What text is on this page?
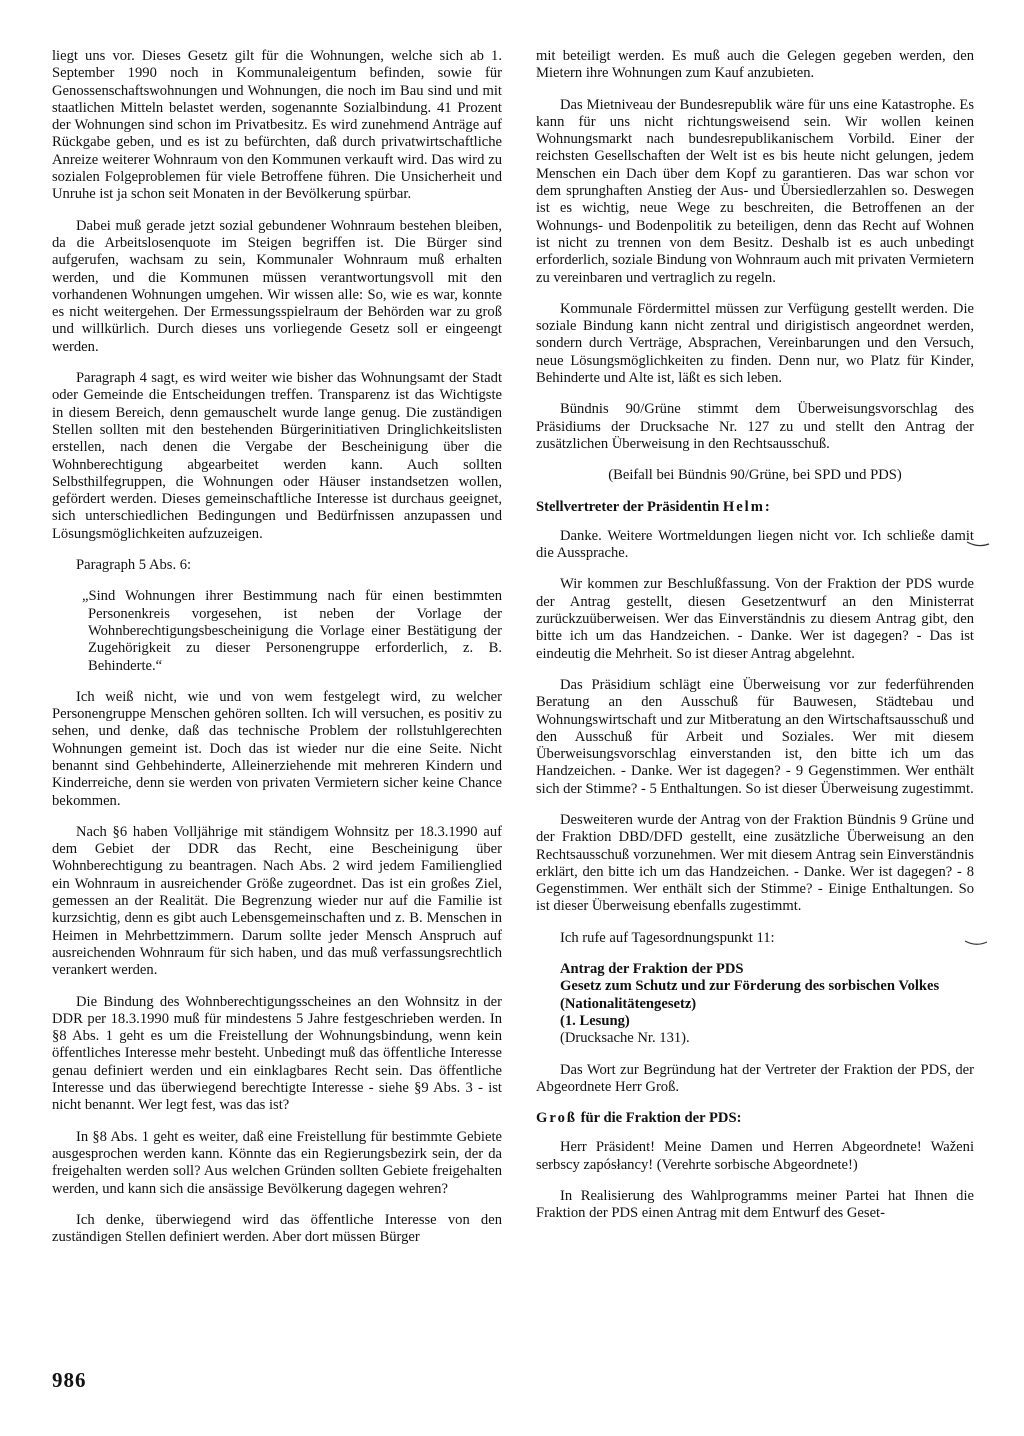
liegt uns vor. Dieses Gesetz gilt für die Wohnungen, welche sich ab 1. September 1990 noch in Kommunaleigentum befinden, sowie für Genossenschaftswohnungen und Wohnungen, die noch im Bau sind und mit staatlichen Mitteln belastet werden, sogenannte Sozialbindung. 41 Prozent der Wohnungen sind schon im Privatbesitz. Es wird zunehmend Anträge auf Rückgabe geben, und es ist zu befürchten, daß durch privatwirtschaftliche Anreize weiterer Wohnraum von den Kommunen verkauft wird. Das wird zu sozialen Folgeproblemen für viele Betroffene führen. Die Unsicherheit und Unruhe ist ja schon seit Monaten in der Bevölkerung spürbar.

Dabei muß gerade jetzt sozial gebundener Wohnraum bestehen bleiben, da die Arbeitslosenquote im Steigen begriffen ist. Die Bürger sind aufgerufen, wachsam zu sein, Kommunaler Wohnraum muß erhalten werden, und die Kommunen müssen verantwortungsvoll mit den vorhandenen Wohnungen umgehen. Wir wissen alle: So, wie es war, konnte es nicht weitergehen. Der Ermessungsspielraum der Behörden war zu groß und willkürlich. Durch dieses uns vorliegende Gesetz soll er eingeengt werden.

Paragraph 4 sagt, es wird weiter wie bisher das Wohnungsamt der Stadt oder Gemeinde die Entscheidungen treffen. Transparenz ist das Wichtigste in diesem Bereich, denn gemauschelt wurde lange genug. Die zuständigen Stellen sollten mit den bestehenden Bürgerinitiativen Dringlichkeitslisten erstellen, nach denen die Vergabe der Bescheinigung über die Wohnberechtigung abgearbeitet werden kann. Auch sollten Selbsthilfegruppen, die Wohnungen oder Häuser instandsetzen wollen, gefördert werden. Dieses gemeinschaftliche Interesse ist durchaus geeignet, sich unterschiedlichen Bedingungen und Bedürfnissen anzupassen und Lösungsmöglichkeiten aufzuzeigen.

Paragraph 5 Abs. 6:

„Sind Wohnungen ihrer Bestimmung nach für einen bestimmten Personenkreis vorgesehen, ist neben der Vorlage der Wohnberechtigungsbescheinigung die Vorlage einer Bestätigung der Zugehörigkeit zu dieser Personengruppe erforderlich, z. B. Behinderte.“

Ich weiß nicht, wie und von wem festgelegt wird, zu welcher Personengruppe Menschen gehören sollten. Ich will versuchen, es positiv zu sehen, und denke, daß das technische Problem der rollstuhlgerechten Wohnungen gemeint ist. Doch das ist wieder nur die eine Seite. Nicht benannt sind Gehbehinderte, Alleinerziehende mit mehreren Kindern und Kinderreiche, denn sie werden von privaten Vermietern sicher keine Chance bekommen.

Nach §6 haben Volljährige mit ständigem Wohnsitz per 18.3.1990 auf dem Gebiet der DDR das Recht, eine Bescheinigung über Wohnberechtigung zu beantragen. Nach Abs. 2 wird jedem Familienglied ein Wohnraum in ausreichender Größe zugeordnet. Das ist ein großes Ziel, gemessen an der Realität. Die Begrenzung wieder nur auf die Familie ist kurzsichtig, denn es gibt auch Lebensgemeinschaften und z. B. Menschen in Heimen in Mehrbettzimmern. Darum sollte jeder Mensch Anspruch auf ausreichenden Wohnraum für sich haben, und das muß verfassungsrechtlich verankert werden.

Die Bindung des Wohnberechtigungsscheines an den Wohnsitz in der DDR per 18.3.1990 muß für mindestens 5 Jahre festgeschrieben werden. In §8 Abs. 1 geht es um die Freistellung der Wohnungsbindung, wenn kein öffentliches Interesse mehr besteht. Unbedingt muß das öffentliche Interesse genau definiert werden und ein einklagbares Recht sein. Das öffentliche Interesse und das überwiegend berechtigte Interesse - siehe §9 Abs. 3 - ist nicht benannt. Wer legt fest, was das ist?

In §8 Abs. 1 geht es weiter, daß eine Freistellung für bestimmte Gebiete ausgesprochen werden kann. Könnte das ein Regierungsbezirk sein, der da freigehalten werden soll? Aus welchen Gründen sollten Gebiete freigehalten werden, und kann sich die ansässige Bevölkerung dagegen wehren?

Ich denke, überwiegend wird das öffentliche Interesse von den zuständigen Stellen definiert werden. Aber dort müssen Bürger

mit beteiligt werden. Es muß auch die Gelegen gegeben werden, den Mietern ihre Wohnungen zum Kauf anzubieten.

Das Mietniveau der Bundesrepublik wäre für uns eine Katastrophe. Es kann für uns nicht richtungsweisend sein. Wir wollen keinen Wohnungsmarkt nach bundesrepublikanischem Vorbild. Einer der reichsten Gesellschaften der Welt ist es bis heute nicht gelungen, jedem Menschen ein Dach über dem Kopf zu garantieren. Das war schon vor dem sprunghaften Anstieg der Aus- und Übersiedlerzahlen so. Deswegen ist es wichtig, neue Wege zu beschreiten, die Betroffenen an der Wohnungs- und Bodenpolitik zu beteiligen, denn das Recht auf Wohnen ist nicht zu trennen von dem Besitz. Deshalb ist es auch unbedingt erforderlich, soziale Bindung von Wohnraum auch mit privaten Vermietern zu vereinbaren und vertraglich zu regeln.

Kommunale Fördermittel müssen zur Verfügung gestellt werden. Die soziale Bindung kann nicht zentral und dirigistisch angeordnet werden, sondern durch Verträge, Absprachen, Vereinbarungen und den Versuch, neue Lösungsmöglichkeiten zu finden. Denn nur, wo Platz für Kinder, Behinderte und Alte ist, läßt es sich leben.

Bündnis 90/Grüne stimmt dem Überweisungsvorschlag des Präsidiums der Drucksache Nr. 127 zu und stellt den Antrag der zusätzlichen Überweisung in den Rechtsausschuß.

(Beifall bei Bündnis 90/Grüne, bei SPD und PDS)

Stellvertreter der Präsidentin Helm:

Danke. Weitere Wortmeldungen liegen nicht vor. Ich schließe damit die Aussprache.

Wir kommen zur Beschlußfassung. Von der Fraktion der PDS wurde der Antrag gestellt, diesen Gesetzentwurf an den Ministerrat zurückzuüberweisen. Wer das Einverständnis zu diesem Antrag gibt, den bitte ich um das Handzeichen. - Danke. Wer ist dagegen? - Das ist eindeutig die Mehrheit. So ist dieser Antrag abgelehnt.

Das Präsidium schlägt eine Überweisung vor zur federführenden Beratung an den Ausschuß für Bauwesen, Städtebau und Wohnungswirtschaft und zur Mitberatung an den Wirtschaftsausschuß und den Ausschuß für Arbeit und Soziales. Wer mit diesem Überweisungsvorschlag einverstanden ist, den bitte ich um das Handzeichen. - Danke. Wer ist dagegen? - 9 Gegenstimmen. Wer enthält sich der Stimme? - 5 Enthaltungen. So ist dieser Überweisung zugestimmt.

Desweiteren wurde der Antrag von der Fraktion Bündnis 9 Grüne und der Fraktion DBD/DFD gestellt, eine zusätzliche Überweisung an den Rechtsausschuß vorzunehmen. Wer mit diesem Antrag sein Einverständnis erklärt, den bitte ich um das Handzeichen. - Danke. Wer ist dagegen? - 8 Gegenstimmen. Wer enthält sich der Stimme? - Einige Enthaltungen. So ist dieser Überweisung ebenfalls zugestimmt.

Ich rufe auf Tagesordnungspunkt 11:

Antrag der Fraktion der PDS
Gesetz zum Schutz und zur Förderung des sorbischen Volkes (Nationalitätengesetz)
(1. Lesung)
(Drucksache Nr. 131).

Das Wort zur Begründung hat der Vertreter der Fraktion der PDS, der Abgeordnete Herr Groß.

Groß für die Fraktion der PDS:

Herr Präsident! Meine Damen und Herren Abgeordnete! Waženi serbscy zapósłancy! (Verehrte sorbische Abgeordnete!)

In Realisierung des Wahlprogramms meiner Partei hat Ihnen die Fraktion der PDS einen Antrag mit dem Entwurf des Geset-

986
